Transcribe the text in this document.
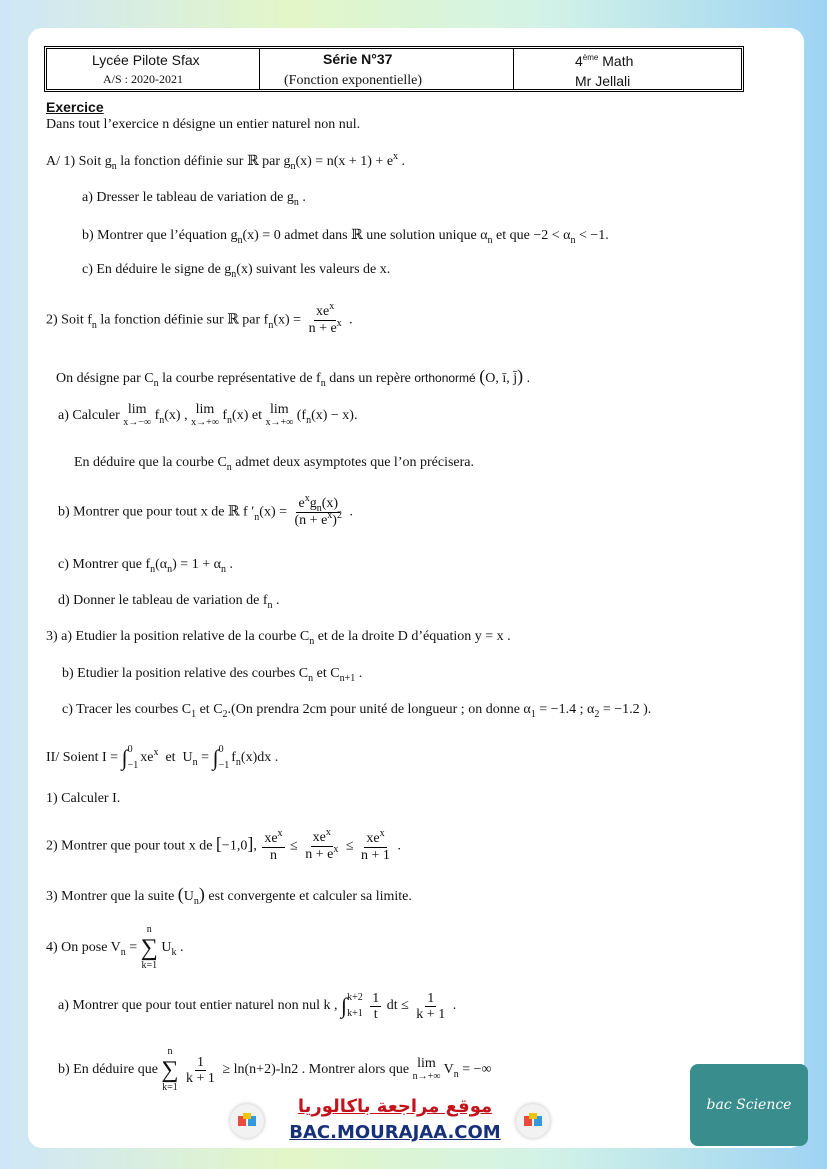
Lycée Pilote Sfax
A/S : 2020-2021
Série N°37
(Fonction exponentielle)
4ème Math
Mr Jellali
Exercice
Dans tout l’exercice n désigne un entier naturel non nul.
A/ 1) Soit $g_n$ la fonction définie sur ℝ par $g_n(x) = n(x + 1) + e^x$ .
a) Dresser le tableau de variation de $g_n$ .
b) Montrer que l’équation $g_n(x) = 0$ admet dans ℝ une solution unique $\alpha_n$ et que $-2 < \alpha_n < -1$.
c) En déduire le signe de $g_n(x)$ suivant les valeurs de x.
2) Soit $f_n$ la fonction définie sur ℝ par $f_n(x) = \frac{xe^x}{n + e^x}$ .
On désigne par $C_n$ la courbe représentative de $f_n$ dans un repère orthonormé (O, ī, j̄) .
a) Calculer lim
x→−∞ $f_n(x)$ , lim
x→+∞ $f_n(x)$ et lim
x→+∞ $(f_n(x) - x)$.
En déduire que la courbe $C_n$ admet deux asymptotes que l’on précisera.
b) Montrer que pour tout x de ℝ f $'_n(x) = \frac{e^xg_n(x)}{(n + e^x)^2}$ .
c) Montrer que $f_n(\alpha_n) = 1 + \alpha_n$ .
d) Donner le tableau de variation de $f_n$ .
3) a) Etudier la position relative de la courbe $C_n$ et de la droite D d’équation y = x .
b) Etudier la position relative des courbes $C_n$ et $C_{n+1}$ .
c) Tracer les courbes $C_1$ et $C_2.(On$ prendra 2cm pour unité de longueur ; on donne $\alpha_1 = -1.4$ ; $\alpha_2 = -1.2$ ).
II/ Soient I = ∫ 0
−1
$xe^x$  et  $U_n$ = ∫ 0
−1
$f_n(x)dx$ .
1) Calculer I.
2) Montrer que pour tout x de [−1,0], $\frac{xe^x}{n} \le \frac{xe^x}{n + e^x} \le \frac{xe^x}{n + 1}$ .
3) Montrer que la suite $(U_n)$ est convergente et calculer sa limite.
4) On pose $V_n$ =
n
∑
k=1
$U_k$ .
a) Montrer que pour tout entier naturel non nul k , ∫ k+2
k+1
$\frac{1}{t}$ dt ≤ $\frac{1}{k + 1}$ .
b) En déduire que
n
∑
k=1

$\frac{1}{k + 1} \ge \ln(n+2)-\ln 2$ . Montrer alors que lim
n→+∞ $V_n$ = −∞
موقع مراجعة باكالوريا
BAC.MOURAJAA.COM
bac Science
